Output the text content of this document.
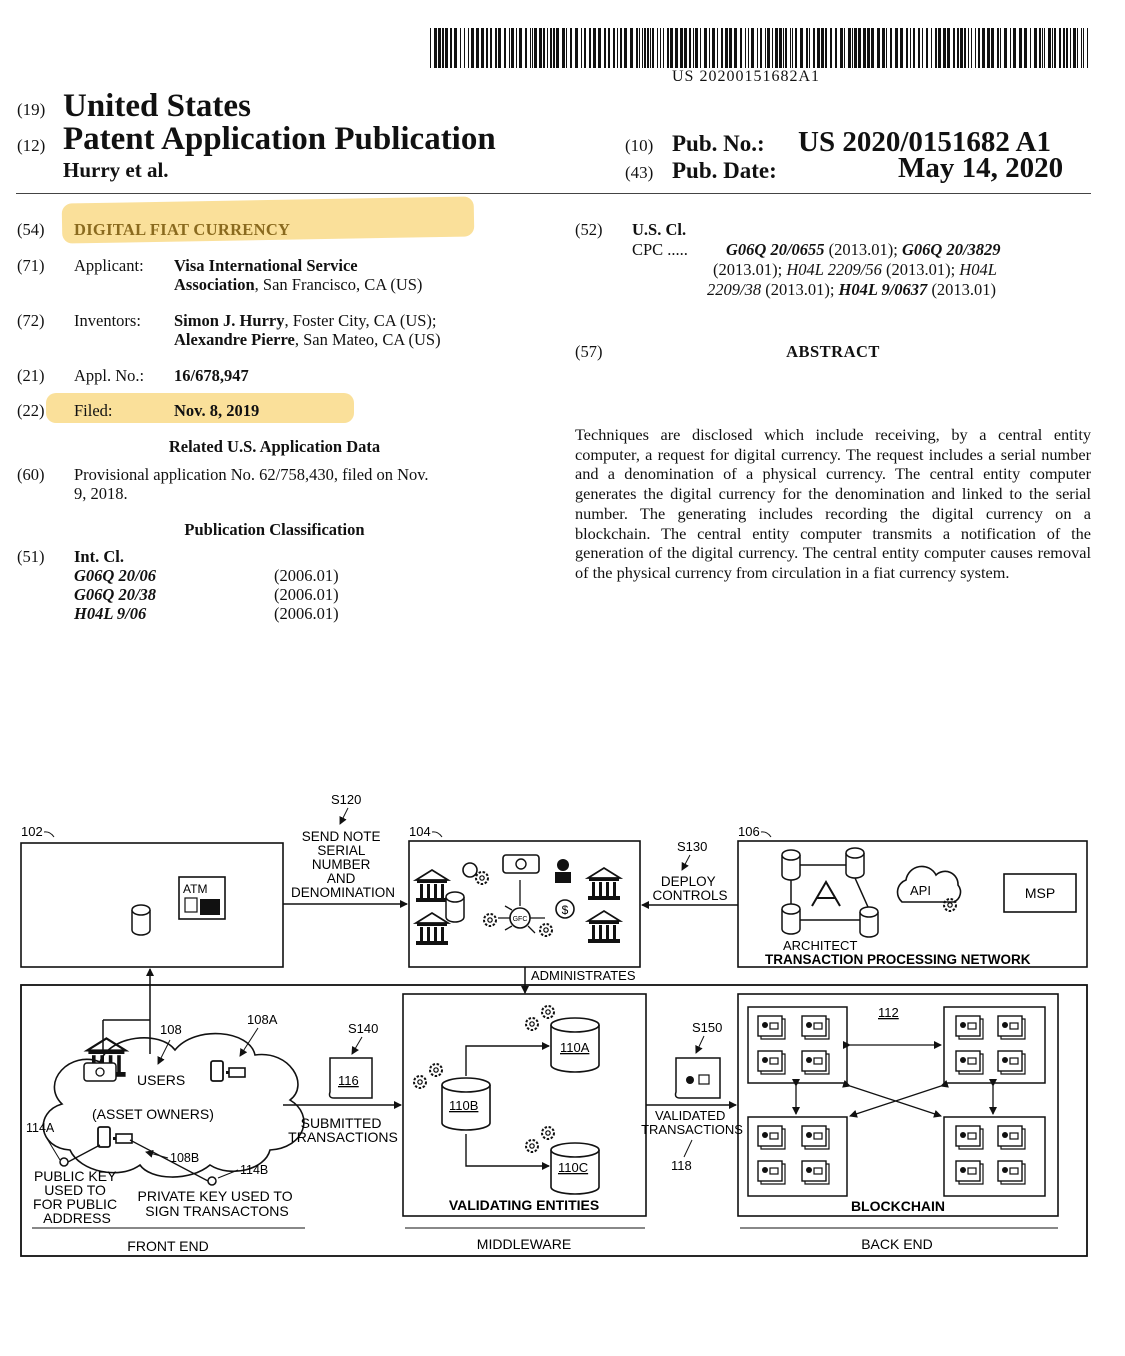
US 20200151682A1
(19) United States
(12) Patent Application Publication
Hurry et al.
(10) Pub. No.: US 2020/0151682 A1
(43) Pub. Date:	May 14, 2020
(54) DIGITAL FIAT CURRENCY
(71) Applicant: Visa International Service
Association, San Francisco, CA (US)
(72) Inventors: Simon J. Hurry, Foster City, CA (US);
Alexandre Pierre, San Mateo, CA (US)
(21) Appl. No.: 16/678,947
(22) Filed:	Nov. 8, 2019
Related U.S. Application Data
(60) Provisional application No. 62/758,430, filed on Nov.
9, 2018.
Publication Classification
(51) Int. Cl.
G06Q 20/06	(2006.01)
G06Q 20/38	(2006.01)
H04L 9/06	(2006.01)
(52) U.S. Cl.
CPC ..... G06Q 20/0655 (2013.01); G06Q 20/3829
(2013.01); H04L 2209/56 (2013.01); H04L
2209/38 (2013.01); H04L 9/0637 (2013.01)
(57)	ABSTRACT
Techniques are disclosed which include receiving, by a central entity computer, a request for digital currency. The request includes a serial number and a denomination of a physical currency. The central entity computer generates the digital currency for the denomination and linked to the serial number. The generating includes recording the digital currency on a blockchain. The central entity computer transmits a notification of the generation of the digital currency. The central entity computer causes removal of the physical currency from circulation in a fiat currency system.
102	104	106
ATM
S120
SEND NOTE SERIAL NUMBER AND DENOMINATION
GFC
$
S130
DEPLOY CONTROLS
ARCHITECT
TRANSACTION PROCESSING NETWORK
API	MSP
ADMINISTRATES
108
108A
USERS
(ASSET OWNERS)
114A
108B
114B
PUBLIC KEY USED TO FOR PUBLIC ADDRESS
PRIVATE KEY USED TO SIGN TRANSACTONS
S140
116
SUBMITTED TRANSACTIONS
110A
110B
110C
VALIDATING ENTITIES
S150
VALIDATED TRANSACTIONS
118
112
BLOCKCHAIN
FRONT END	MIDDLEWARE	BACK END
